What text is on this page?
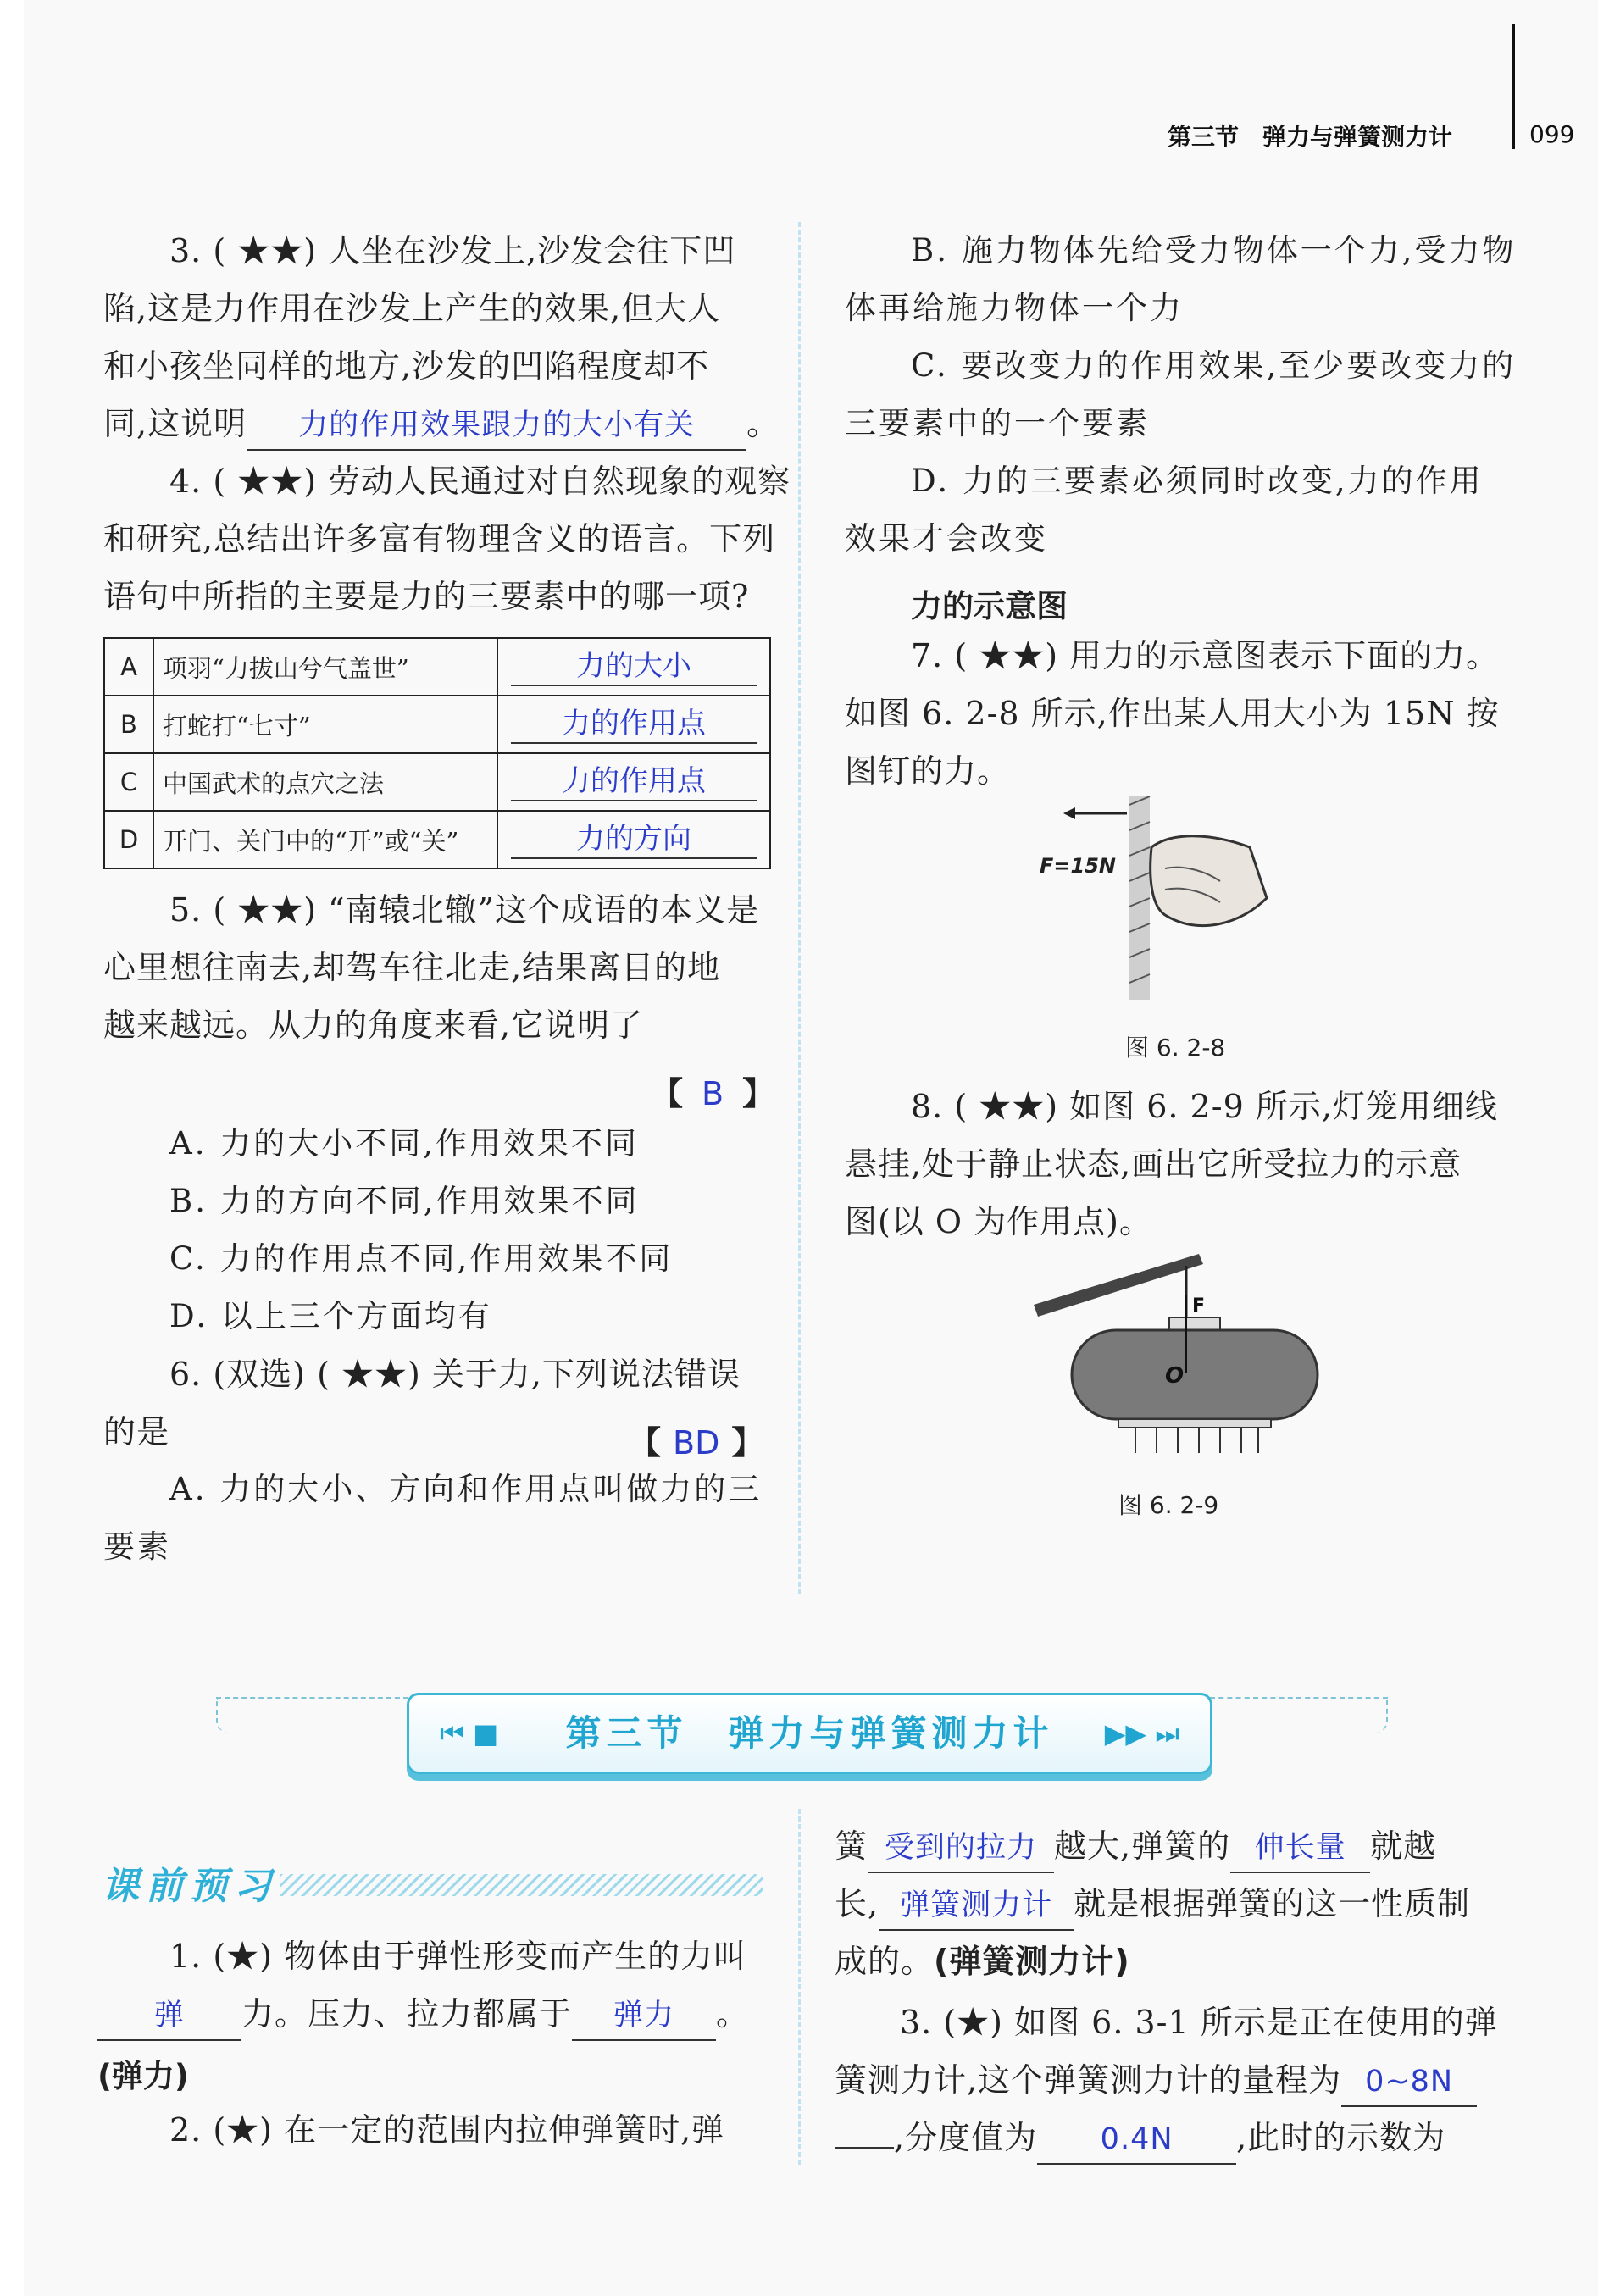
第三节　弹力与弹簧测力计	099
3. ( ★★) 人坐在沙发上,沙发会往下凹
陷,这是力作用在沙发上产生的效果,但大人
和小孩坐同样的地方,沙发的凹陷程度却不
同,这说明 力的作用效果跟力的大小有关 。
4. ( ★★) 劳动人民通过对自然现象的观察
和研究,总结出许多富有物理含义的语言。下列
语句中所指的主要是力的三要素中的哪一项?
A	项羽“力拔山兮气盖世”	力的大小
B	打蛇打“七寸”	力的作用点
C	中国武术的点穴之法	力的作用点
D	开门、关门中的“开”或“关”	力的方向
5. ( ★★) “南辕北辙”这个成语的本义是
心里想往南去,却驾车往北走,结果离目的地
越来越远。从力的角度来看,它说明了
【 B 】
A. 力的大小不同,作用效果不同
B. 力的方向不同,作用效果不同
C. 力的作用点不同,作用效果不同
D. 以上三个方面均有
6. (双选) ( ★★) 关于力,下列说法错误
的是	【 BD 】
A. 力的大小、方向和作用点叫做力的三
要素
B. 施力物体先给受力物体一个力,受力物
体再给施力物体一个力
C. 要改变力的作用效果,至少要改变力的
三要素中的一个要素
D. 力的三要素必须同时改变,力的作用
效果才会改变
力的示意图
7. ( ★★) 用力的示意图表示下面的力。
如图 6. 2-8 所示,作出某人用大小为 15N 按
图钉的力。
F=15N
图 6. 2-8
8. ( ★★) 如图 6. 2-9 所示,灯笼用细线
悬挂,处于静止状态,画出它所受拉力的示意
图(以 O 为作用点)。
F
O
图 6. 2-9
⏮ ■	第三节　弹力与弹簧测力计	▶▶ ⏭
课前预习
1. (★) 物体由于弹性形变而产生的力叫
弹 力。压力、拉力都属于 弹力 。
(弹力)
2. (★) 在一定的范围内拉伸弹簧时,弹
簧 受到的拉力 越大,弹簧的 伸长量 就越
长, 弹簧测力计 就是根据弹簧的这一性质制
成的。(弹簧测力计)
3. (★) 如图 6. 3-1 所示是正在使用的弹
簧测力计,这个弹簧测力计的量程为 0~8N
,分度值为 0.4N ,此时的示数为
